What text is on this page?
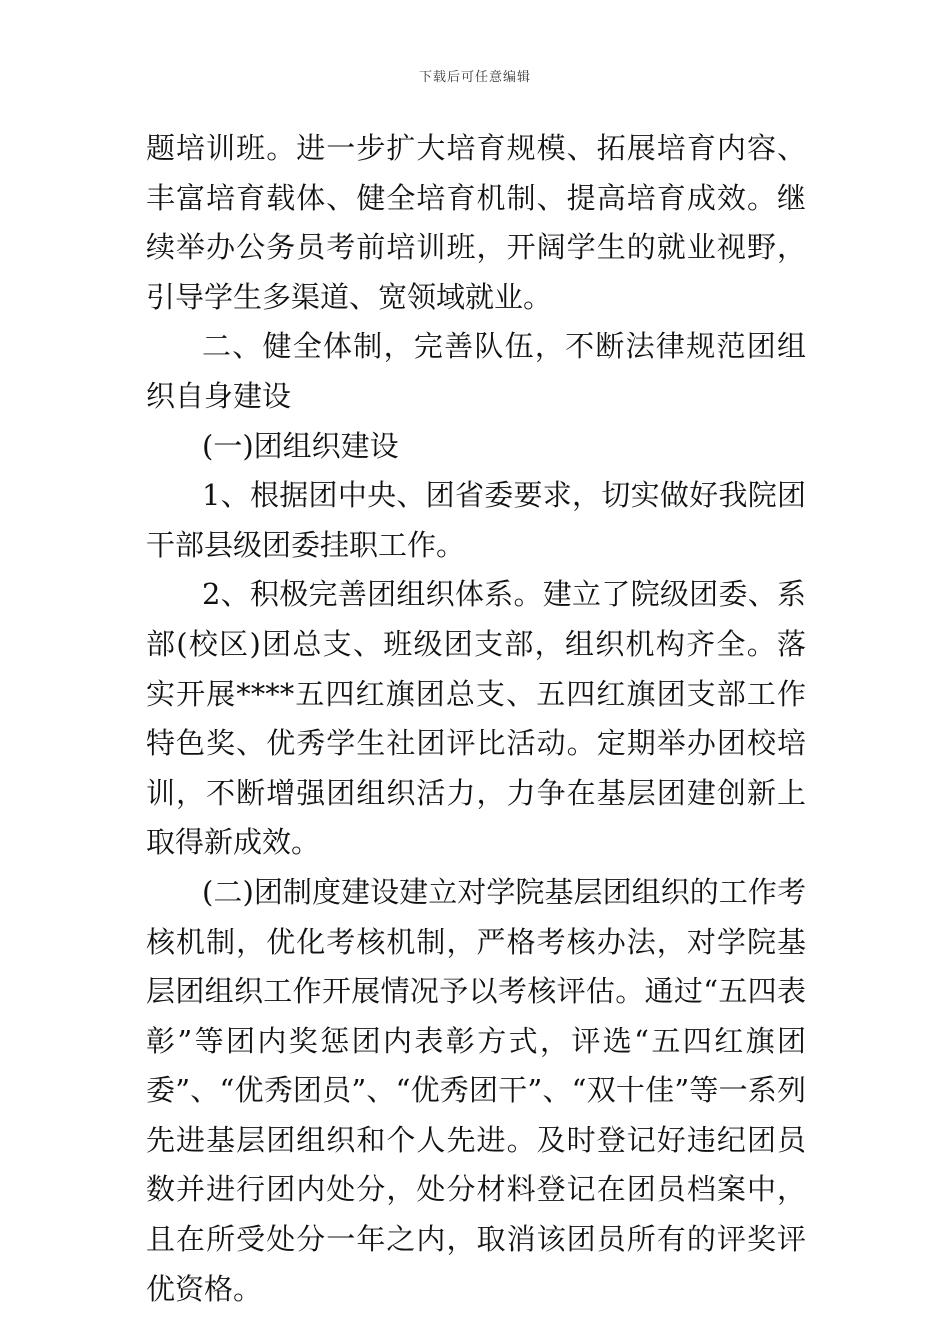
下载后可任意编辑

题培训班。进一步扩大培育规模、拓展培育内容、丰富培育载体、健全培育机制、提高培育成效。继续举办公务员考前培训班，开阔学生的就业视野，引导学生多渠道、宽领域就业。

二、健全体制，完善队伍，不断法律规范团组织自身建设

(一)团组织建设

1、根据团中央、团省委要求，切实做好我院团干部县级团委挂职工作。

2、积极完善团组织体系。建立了院级团委、系部(校区)团总支、班级团支部，组织机构齐全。落实开展****五四红旗团总支、五四红旗团支部工作特色奖、优秀学生社团评比活动。定期举办团校培训，不断增强团组织活力，力争在基层团建创新上取得新成效。

(二)团制度建设建立对学院基层团组织的工作考核机制，优化考核机制，严格考核办法，对学院基层团组织工作开展情况予以考核评估。通过“五四表彰”等团内奖惩团内表彰方式，评选“五四红旗团委”、“优秀团员”、“优秀团干”、“双十佳”等一系列先进基层团组织和个人先进。及时登记好违纪团员数并进行团内处分，处分材料登记在团员档案中，且在所受处分一年之内，取消该团员所有的评奖评优资格。
